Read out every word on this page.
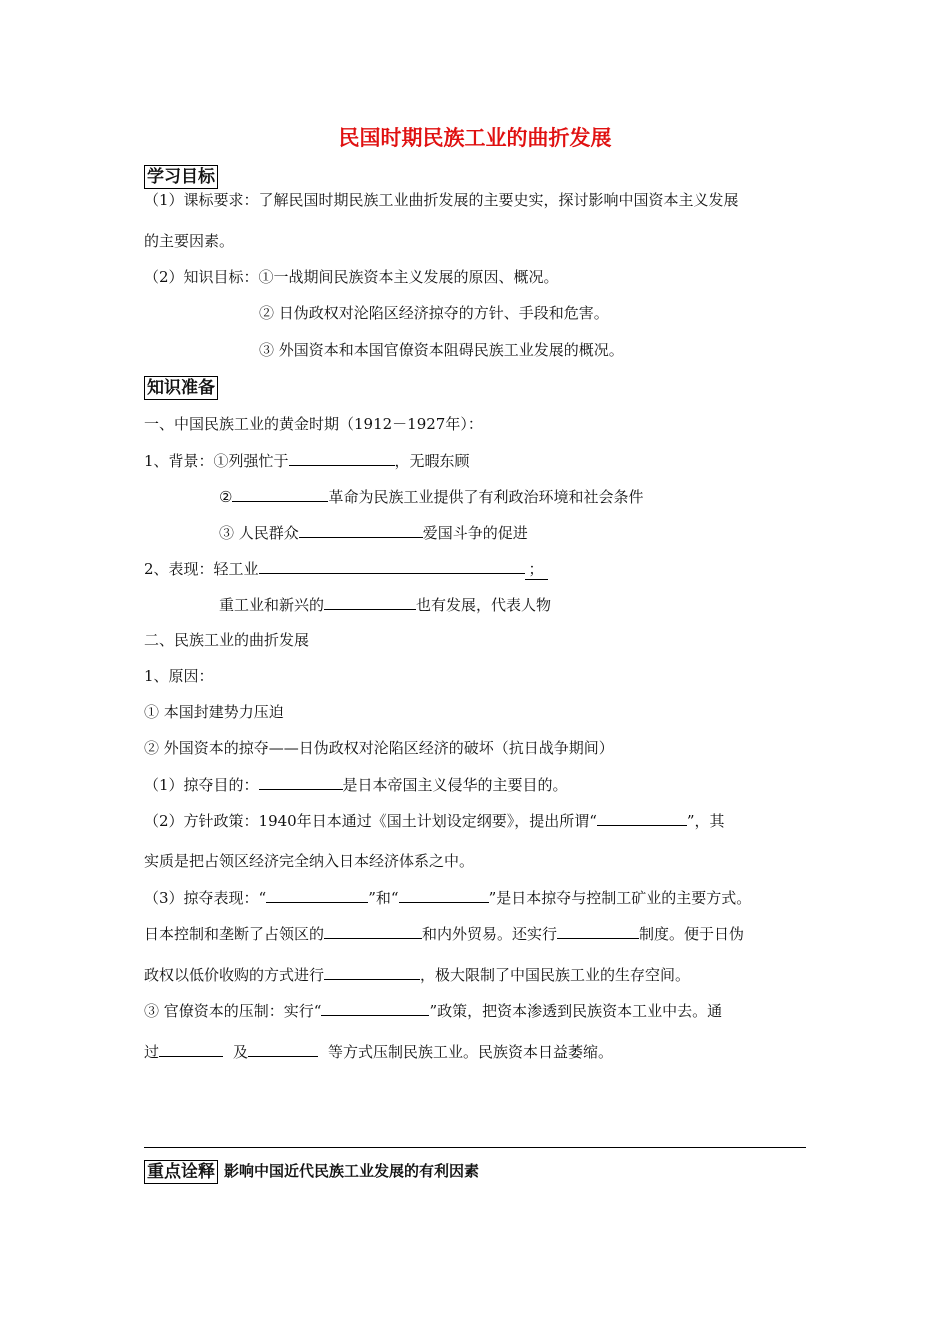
民国时期民族工业的曲折发展
学习目标
（1）课标要求：了解民国时期民族工业曲折发展的主要史实，探讨影响中国资本主义发展
的主要因素。
（2）知识目标：①一战期间民族资本主义发展的原因、概况。
② 日伪政权对沦陷区经济掠夺的方针、手段和危害。
③ 外国资本和本国官僚资本阻碍民族工业发展的概况。
知识准备
一、中国民族工业的黄金时期（1912－1927年）：
1、背景：①列强忙于	，无暇东顾
②	革命为民族工业提供了有利政治环境和社会条件
③ 人民群众	爱国斗争的促进
2、表现：轻工业	；
重工业和新兴的	也有发展，代表人物
二、民族工业的曲折发展
1、原因：
① 本国封建势力压迫
② 外国资本的掠夺——日伪政权对沦陷区经济的破坏（抗日战争期间）
（1）掠夺目的：	是日本帝国主义侵华的主要目的。
（2）方针政策：1940年日本通过《国土计划设定纲要》，提出所谓“	”，其
实质是把占领区经济完全纳入日本经济体系之中。
（3）掠夺表现：“	”和“	”是日本掠夺与控制工矿业的主要方式。
日本控制和垄断了占领区的	和内外贸易。还实行	制度。便于日伪
政权以低价收购的方式进行	，极大限制了中国民族工业的生存空间。
③ 官僚资本的压制：实行“	”政策，把资本渗透到民族资本工业中去。通
过	及	等方式压制民族工业。民族资本日益萎缩。
重点诠释 影响中国近代民族工业发展的有利因素
